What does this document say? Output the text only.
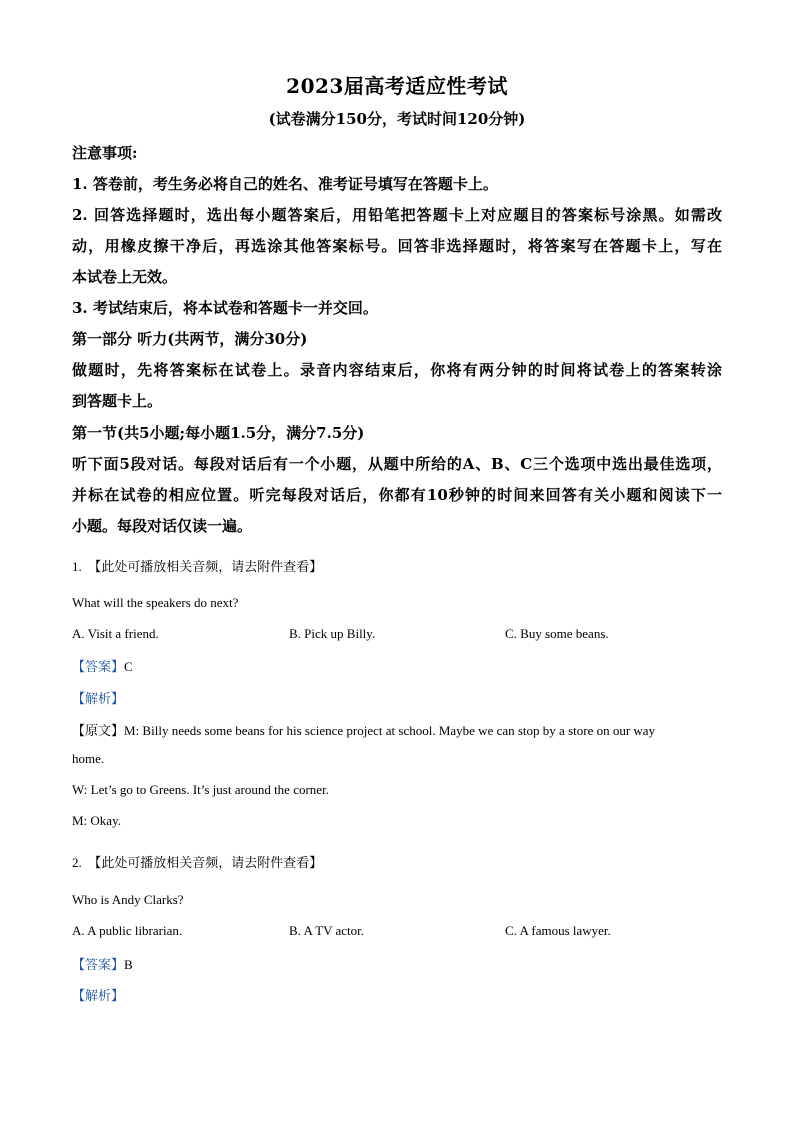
2023届高考适应性考试
(试卷满分150分，考试时间120分钟)
注意事项:
1. 答卷前，考生务必将自己的姓名、准考证号填写在答题卡上。
2. 回答选择题时，选出每小题答案后，用铅笔把答题卡上对应题目的答案标号涂黑。如需改
动，用橡皮擦干净后，再选涂其他答案标号。回答非选择题时，将答案写在答题卡上，写在
本试卷上无效。
3. 考试结束后，将本试卷和答题卡一并交回。
第一部分 听力(共两节，满分30分)
做题时，先将答案标在试卷上。录音内容结束后，你将有两分钟的时间将试卷上的答案转涂
到答题卡上。
第一节(共5小题;每小题1.5分，满分7.5分)
听下面5段对话。每段对话后有一个小题，从题中所给的A、B、C三个选项中选出最佳选项，
并标在试卷的相应位置。听完每段对话后，你都有10秒钟的时间来回答有关小题和阅读下一
小题。每段对话仅读一遍。
1. 【此处可播放相关音频，请去附件查看】
What will the speakers do next?
A. Visit a friend.	B. Pick up Billy.	C. Buy some beans.
【答案】C
【解析】
【原文】M: Billy needs some beans for his science project at school. Maybe we can stop by a store on our way
home.
W: Let’s go to Greens. It’s just around the corner.
M: Okay.
2. 【此处可播放相关音频，请去附件查看】
Who is Andy Clarks?
A. A public librarian.	B. A TV actor.	C. A famous lawyer.
【答案】B
【解析】
